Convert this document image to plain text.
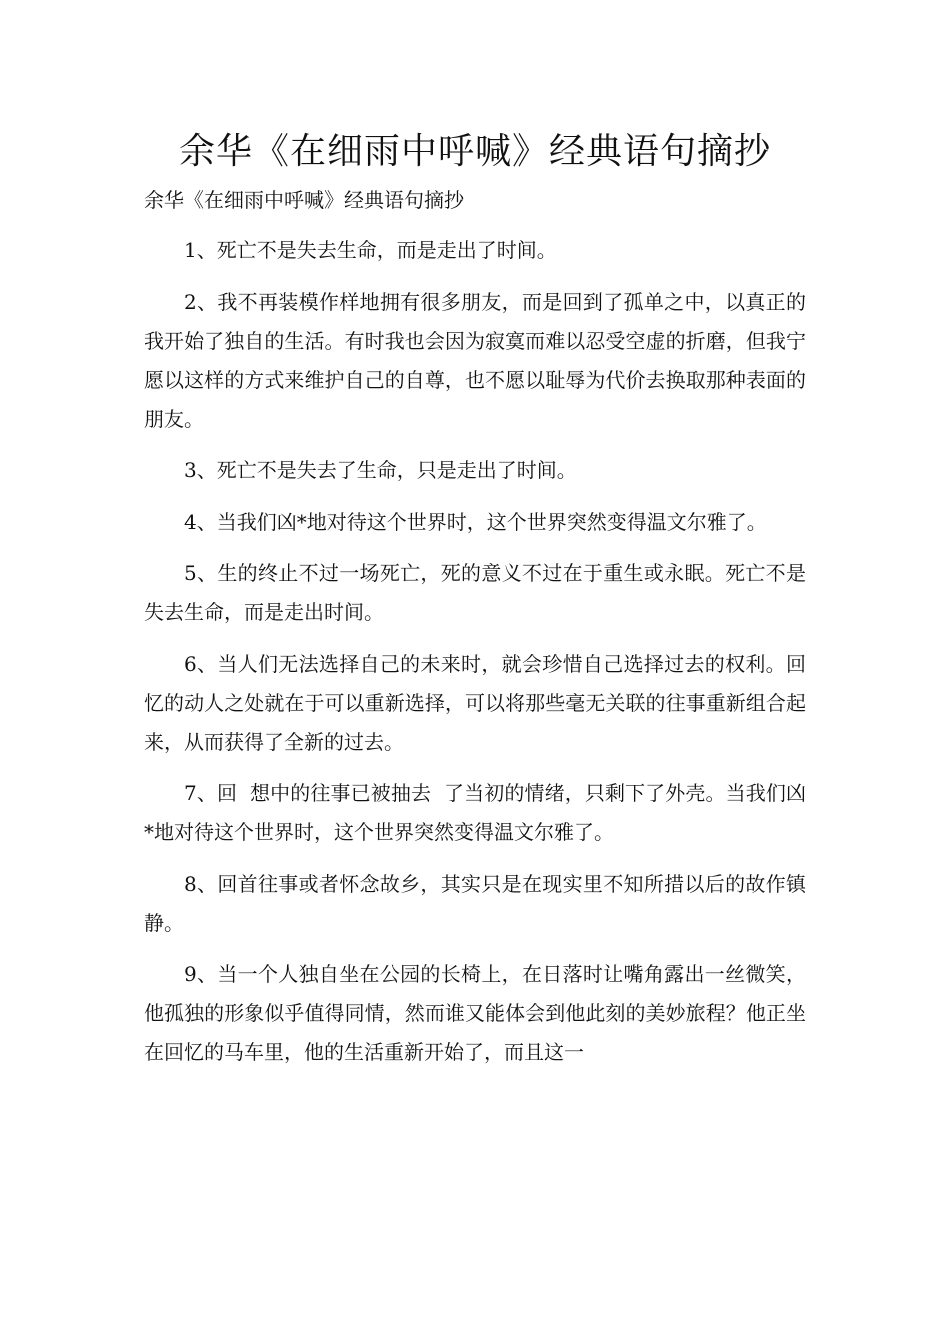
余华《在细雨中呼喊》经典语句摘抄
余华《在细雨中呼喊》经典语句摘抄

1、死亡不是失去生命，而是走出了时间。

2、我不再装模作样地拥有很多朋友，而是回到了孤单之中，以真正的我开始了独自的生活。有时我也会因为寂寞而难以忍受空虚的折磨，但我宁愿以这样的方式来维护自己的自尊，也不愿以耻辱为代价去换取那种表面的朋友。

3、死亡不是失去了生命，只是走出了时间。

4、当我们凶*地对待这个世界时，这个世界突然变得温文尔雅了。

5、生的终止不过一场死亡，死的意义不过在于重生或永眠。死亡不是失去生命，而是走出时间。

6、当人们无法选择自己的未来时，就会珍惜自己选择过去的权利。回忆的动人之处就在于可以重新选择，可以将那些毫无关联的往事重新组合起来，从而获得了全新的过去。

7、回  想中的往事已被抽去  了当初的情绪，只剩下了外壳。当我们凶*地对待这个世界时，这个世界突然变得温文尔雅了。

8、回首往事或者怀念故乡，其实只是在现实里不知所措以后的故作镇静。

9、当一个人独自坐在公园的长椅上，在日落时让嘴角露出一丝微笑，他孤独的形象似乎值得同情，然而谁又能体会到他此刻的美妙旅程？他正坐在回忆的马车里，他的生活重新开始了，而且这一
